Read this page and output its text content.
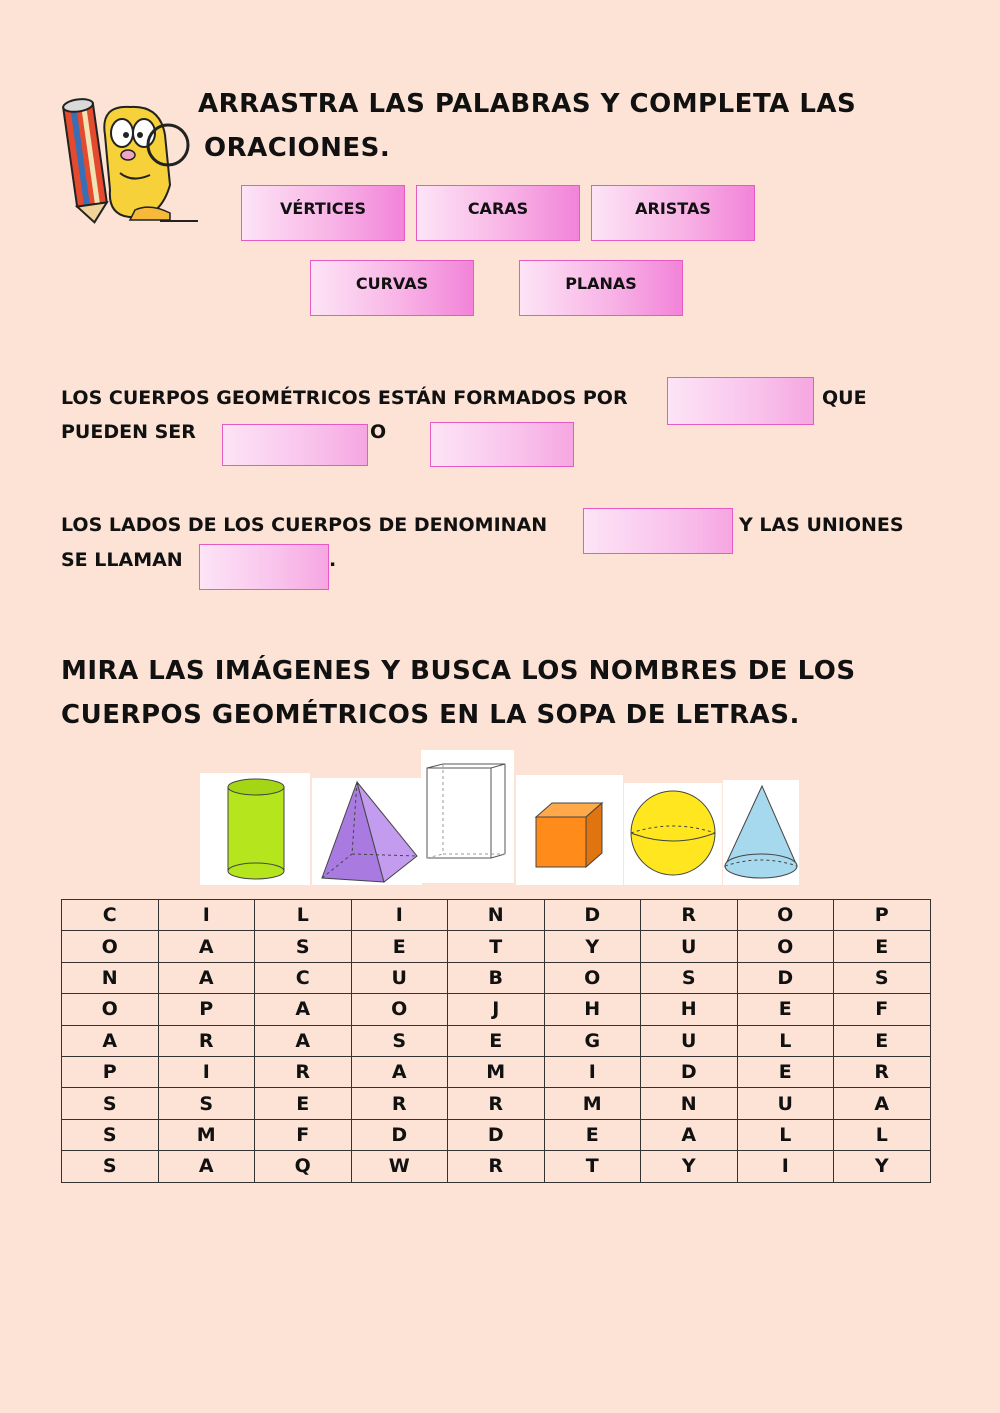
ARRASTRA LAS PALABRAS Y COMPLETA LAS
ORACIONES.
VÉRTICES	CARAS	ARISTAS
CURVAS	PLANAS
LOS CUERPOS GEOMÉTRICOS ESTÁN FORMADOS POR	QUE
PUEDEN SER	O
LOS LADOS DE LOS CUERPOS DE DENOMINAN	Y LAS UNIONES
SE LLAMAN	.
MIRA LAS IMÁGENES Y BUSCA LOS NOMBRES DE LOS
CUERPOS GEOMÉTRICOS EN LA SOPA DE LETRAS.
C	I	L	I	N	D	R	O	P
O	A	S	E	T	Y	U	O	E
N	A	C	U	B	O	S	D	S
O	P	A	O	J	H	H	E	F
A	R	A	S	E	G	U	L	E
P	I	R	A	M	I	D	E	R
S	S	E	R	R	M	N	U	A
S	M	F	D	D	E	A	L	L
S	A	Q	W	R	T	Y	I	Y
